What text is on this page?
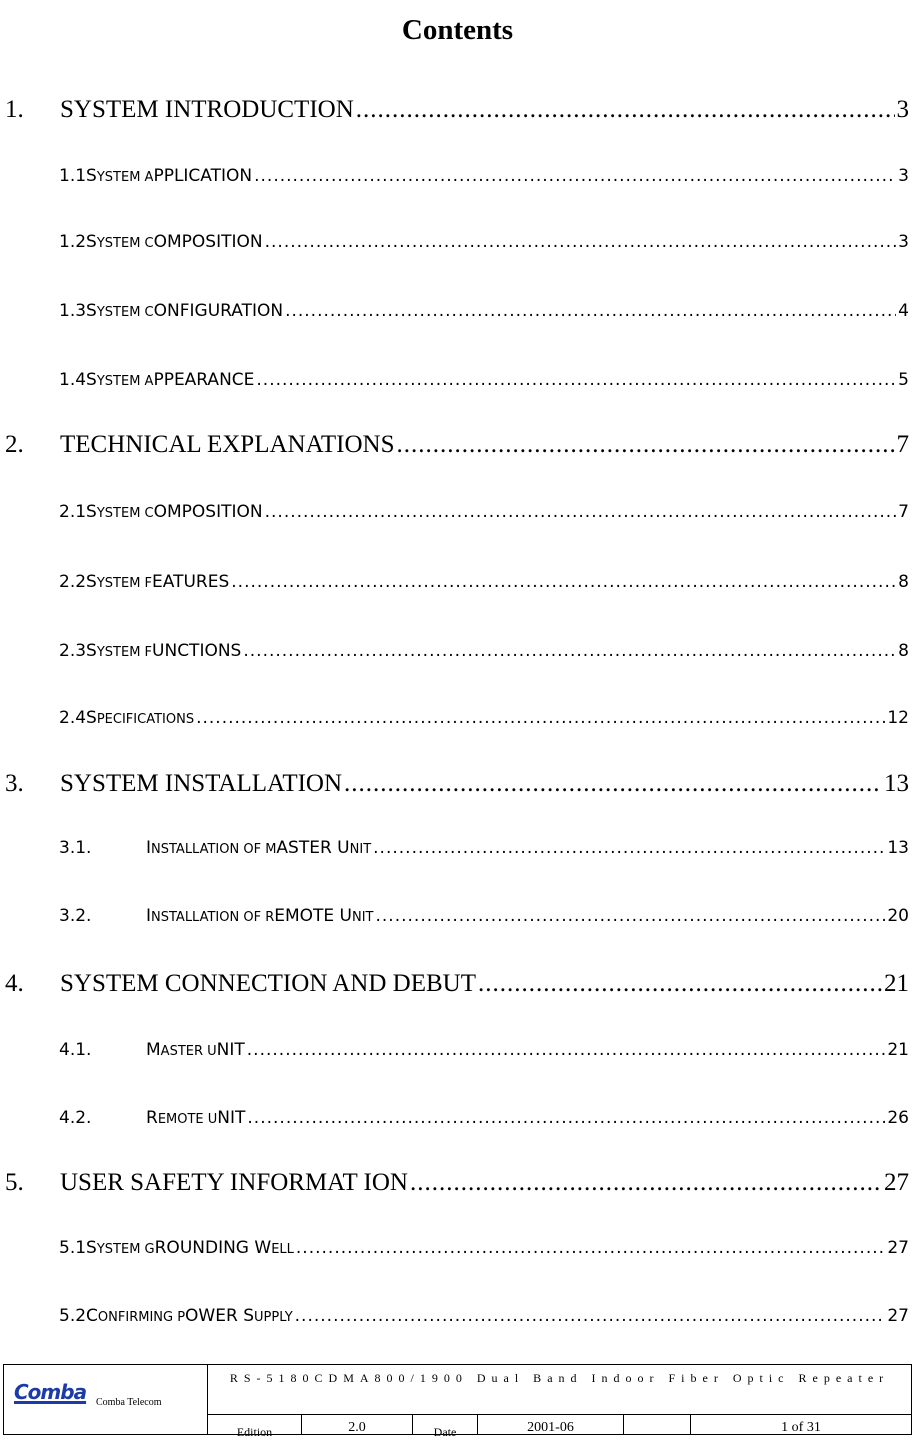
Contents
1.	SYSTEM INTRODUCTION .....	3
1.1 SYSTEM APPLICATION .....	3
1.2 SYSTEM COMPOSITION .....	3
1.3 SYSTEM CONFIGURATION .....	4
1.4 SYSTEM APPEARANCE .....	5
2.	TECHNICAL EXPLANATIONS .....	7
2.1 SYSTEM COMPOSITION .....	7
2.2 SYSTEM FEATURES .....	8
2.3 SYSTEM FUNCTIONS .....	8
2.4 SPECIFICATIONS .....	12
3.	SYSTEM INSTALLATION .....	13
3.1.	INSTALLATION OF MASTER UNIT .....	13
3.2.	INSTALLATION OF REMOTE UNIT .....	20
4.	SYSTEM CONNECTION AND DEBUT .....	21
4.1.	MASTER UNIT .....	21
4.2.	REMOTE UNIT .....	26
5.	USER SAFETY INFORMAT ION .....	27
5.1 SYSTEM GROUNDING WELL .....	27
5.2 CONFIRMING POWER SUPPLY .....	27
Comba Comba Telecom
RS-5180CDMA800/1900 Dual Band Indoor Fiber Optic Repeater
Edition	2.0	Date	2001-06	1 of 31
